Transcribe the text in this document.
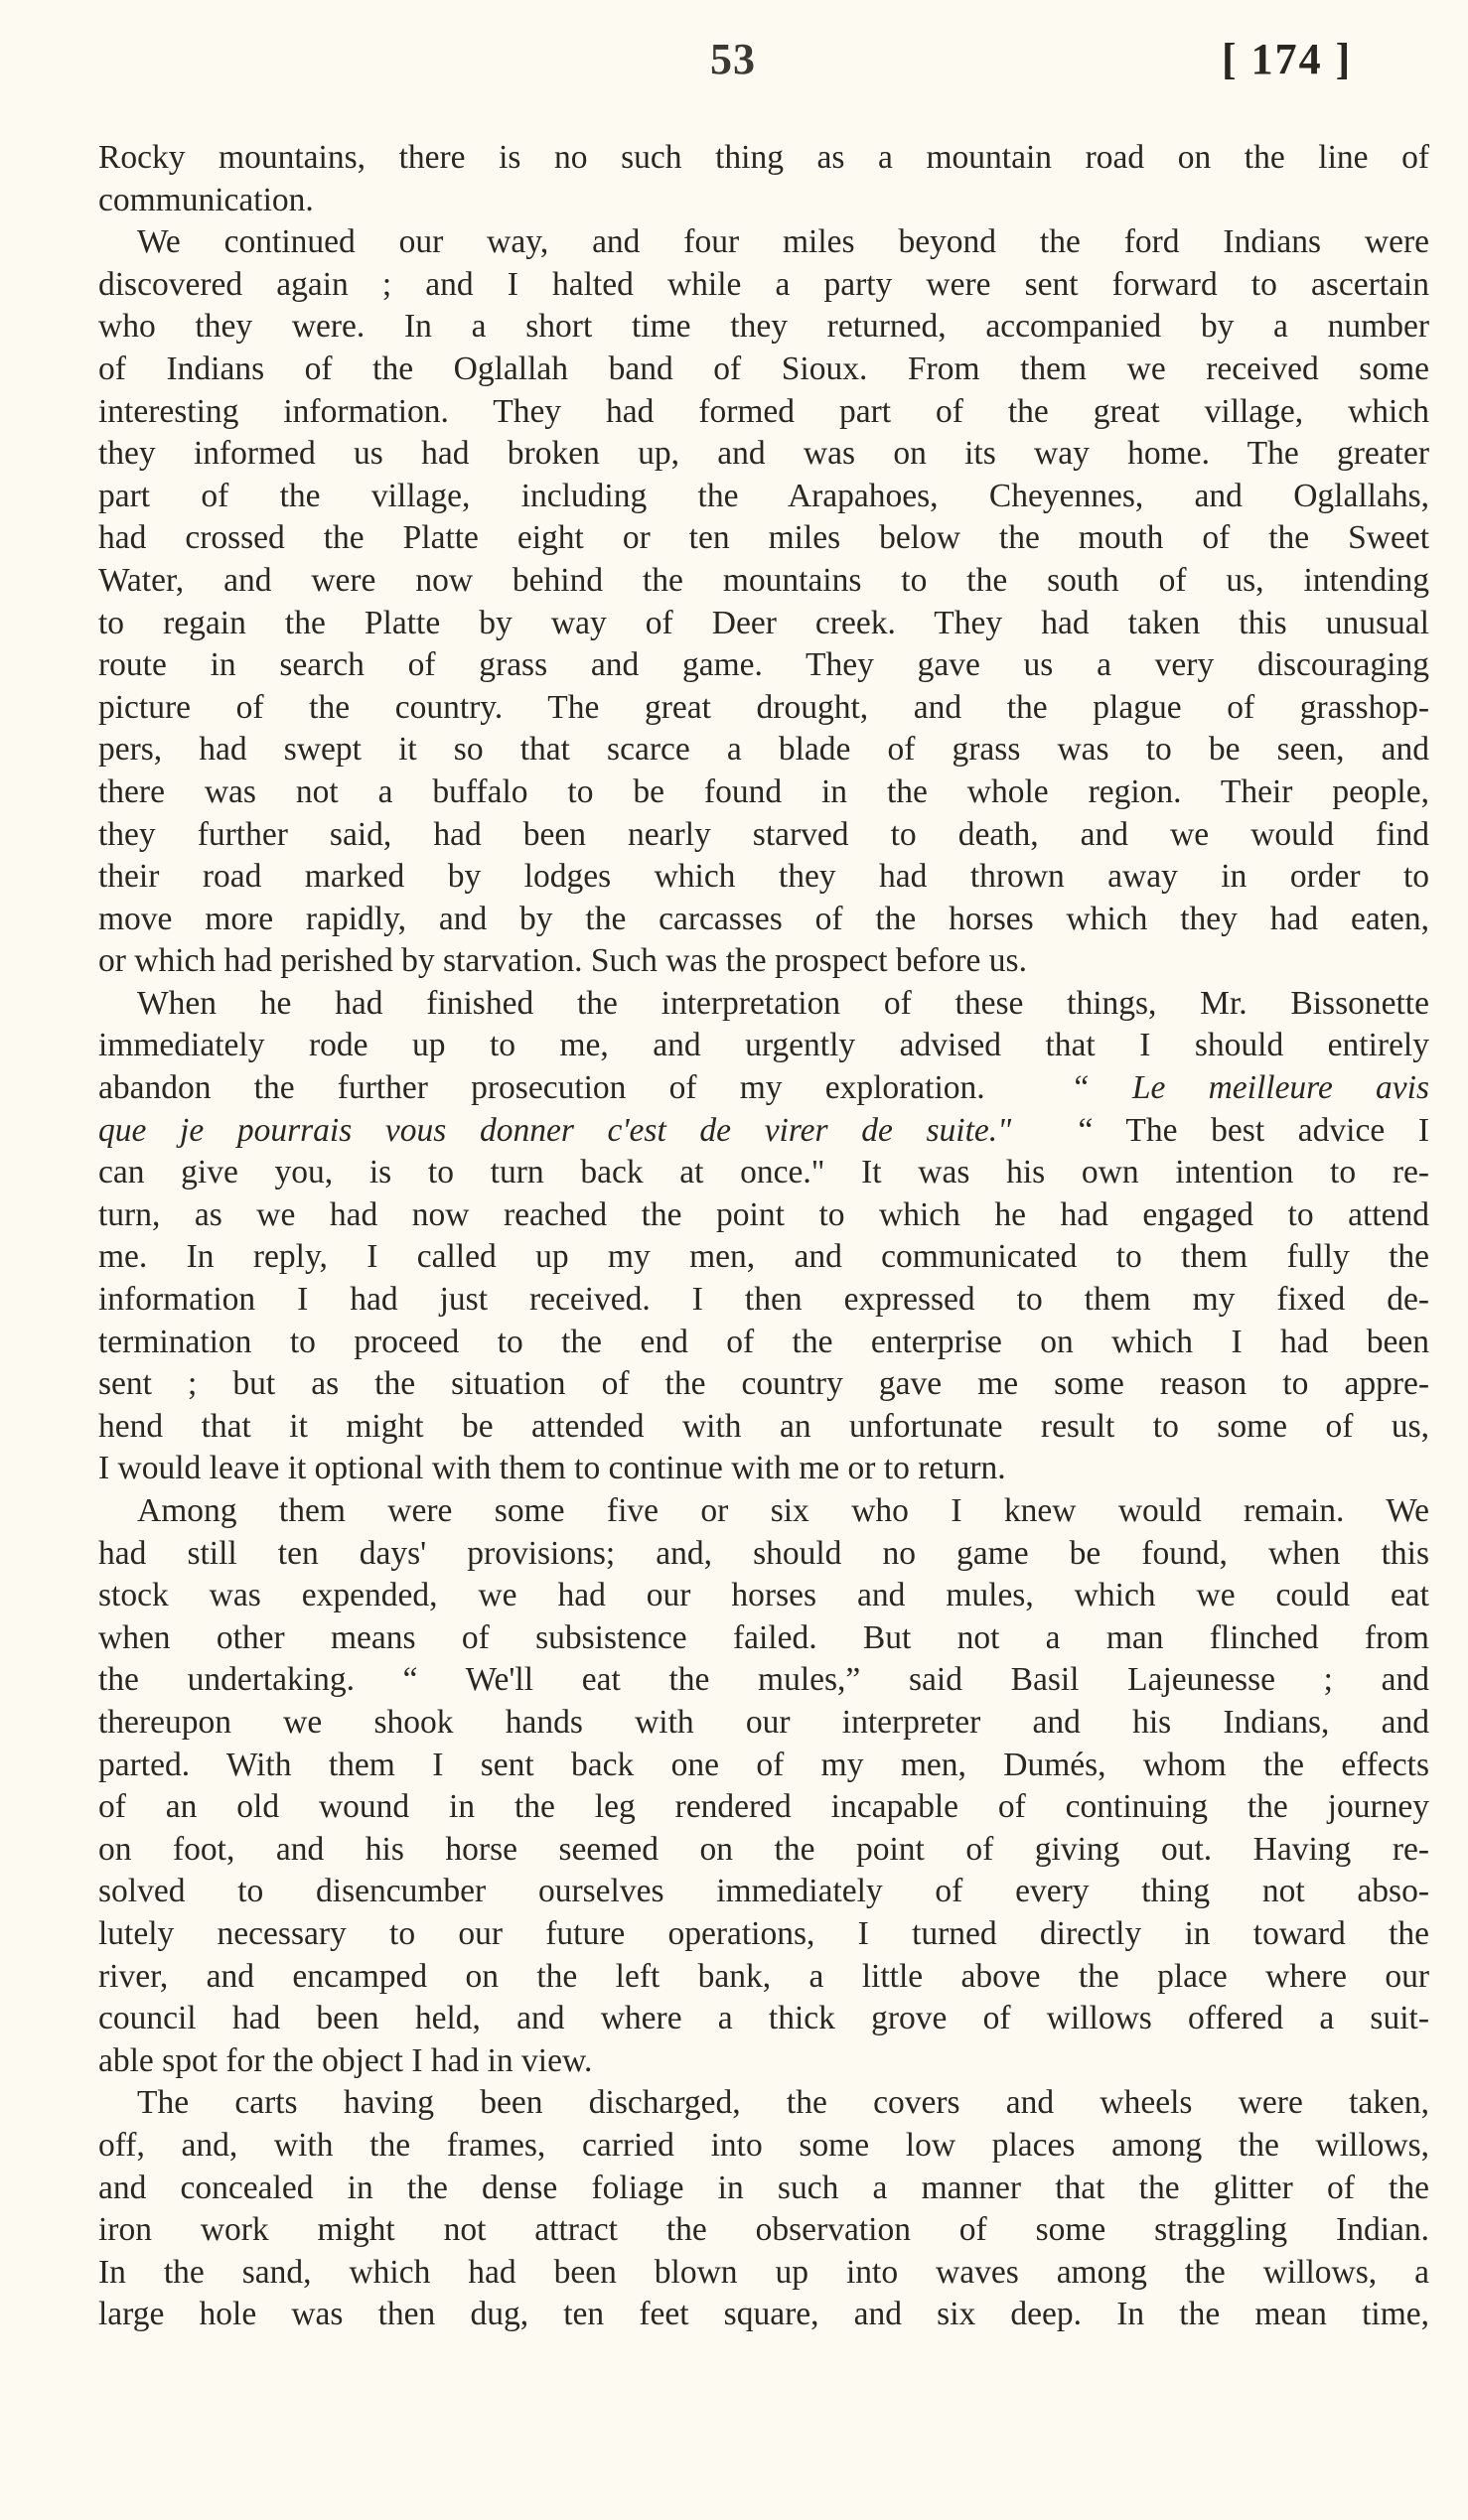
53	[ 174 ]

Rocky mountains, there is no such thing as a mountain road on the line of
communication.

We continued our way, and four miles beyond the ford Indians were
discovered again ; and I halted while a party were sent forward to ascertain
who they were. In a short time they returned, accompanied by a number
of Indians of the Oglallah band of Sioux. From them we received some
interesting information. They had formed part of the great village, which
they informed us had broken up, and was on its way home. The greater
part of the village, including the Arapahoes, Cheyennes, and Oglallahs,
had crossed the Platte eight or ten miles below the mouth of the Sweet
Water, and were now behind the mountains to the south of us, intending
to regain the Platte by way of Deer creek. They had taken this unusual
route in search of grass and game. They gave us a very discouraging
picture of the country. The great drought, and the plague of grasshop-
pers, had swept it so that scarce a blade of grass was to be seen, and
there was not a buffalo to be found in the whole region. Their people,
they further said, had been nearly starved to death, and we would find
their road marked by lodges which they had thrown away in order to
move more rapidly, and by the carcasses of the horses which they had eaten,
or which had perished by starvation. Such was the prospect before us.

When he had finished the interpretation of these things, Mr. Bissonette
immediately rode up to me, and urgently advised that I should entirely
abandon the further prosecution of my exploration.	“ Le meilleure avis
que je pourrais vous donner c'est de virer de suite." “ The best advice I
can give you, is to turn back at once." It was his own intention to re-
turn, as we had now reached the point to which he had engaged to attend
me. In reply, I called up my men, and communicated to them fully the
information I had just received. I then expressed to them my fixed de-
termination to proceed to the end of the enterprise on which I had been
sent ; but as the situation of the country gave me some reason to appre-
hend that it might be attended with an unfortunate result to some of us,
I would leave it optional with them to continue with me or to return.

Among them were some five or six who I knew would remain. We
had still ten days' provisions; and, should no game be found, when this
stock was expended, we had our horses and mules, which we could eat
when other means of subsistence failed. But not a man flinched from
the undertaking. “ We'll eat the mules,” said Basil Lajeunesse ; and
thereupon we shook hands with our interpreter and his Indians, and
parted. With them I sent back one of my men, Dumés, whom the effects
of an old wound in the leg rendered incapable of continuing the journey
on foot, and his horse seemed on the point of giving out. Having re-
solved to disencumber ourselves immediately of every thing not abso-
lutely necessary to our future operations, I turned directly in toward the
river, and encamped on the left bank, a little above the place where our
council had been held, and where a thick grove of willows offered a suit-
able spot for the object I had in view.

The carts having been discharged, the covers and wheels were taken,
off, and, with the frames, carried into some low places among the willows,
and concealed in the dense foliage in such a manner that the glitter of the
iron work might not attract the observation of some straggling Indian.
In the sand, which had been blown up into waves among the willows, a
large hole was then dug, ten feet square, and six deep. In the mean time,
